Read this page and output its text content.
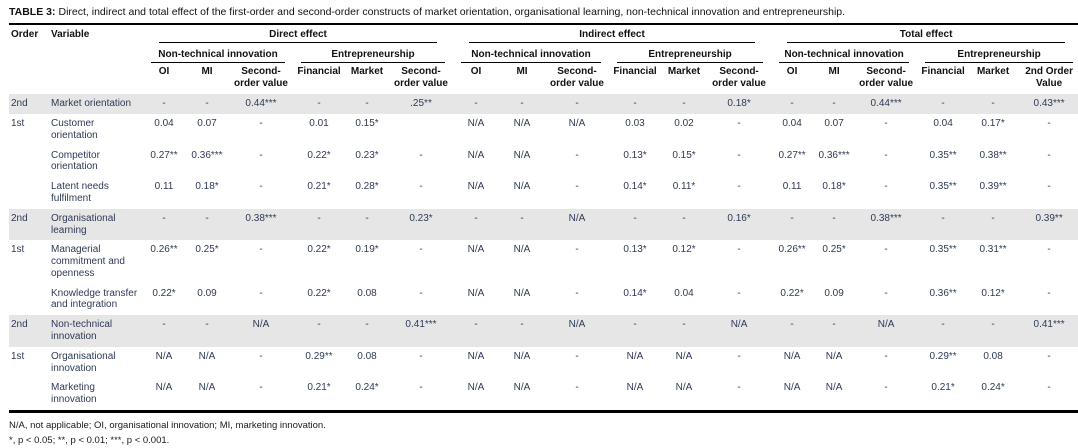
TABLE 3: Direct, indirect and total effect of the first-order and second-order constructs of market orientation, organisational learning, non-technical innovation and entrepreneurship.
Order	Variable	Direct effect						Indirect effect						Total effect					

		Non-technical innovation			Entrepreneurship			Non-technical innovation			Entrepreneurship			Non-technical innovation			Entrepreneurship		

		OI	MI	Second-order value	Financial	Market	Second-order value	OI	MI	Second-order value	Financial	Market	Second-order value	OI	MI	Second-order value	Financial	Market	2nd Order Value
2nd	Market orientation	-	-	0.44***	-	-	.25**	-	-	-	-	-	0.18*	-	-	0.44***	-	-	0.43***
1st	Customer orientation	0.04	0.07	-	0.01	0.15*		N/A	N/A	N/A	0.03	0.02	-	0.04	0.07	-	0.04	0.17*	-
	Competitor orientation	0.27**	0.36***	-	0.22*	0.23*	-	N/A	N/A	-	0.13*	0.15*	-	0.27**	0.36***	-	0.35**	0.38**	-
	Latent needs fulfilment	0.11	0.18*	-	0.21*	0.28*	-	N/A	N/A	-	0.14*	0.11*	-	0.11	0.18*	-	0.35**	0.39**	-
2nd	Organisational learning	-	-	0.38***	-	-	0.23*	-	-	N/A	-	-	0.16*	-	-	0.38***	-	-	0.39**
1st	Managerial commitment and openness	0.26**	0.25*	-	0.22*	0.19*	-	N/A	N/A	-	0.13*	0.12*	-	0.26**	0.25*	-	0.35**	0.31**	-
	Knowledge transfer and integration	0.22*	0.09	-	0.22*	0.08	-	N/A	N/A	-	0.14*	0.04	-	0.22*	0.09	-	0.36**	0.12*	-
2nd	Non-technical innovation	-	-	N/A	-	-	0.41***	-	-	N/A	-	-	N/A	-	-	N/A	-	-	0.41***
1st	Organisational innovation	N/A	N/A	-	0.29**	0.08	-	N/A	N/A	-	N/A	N/A	-	N/A	N/A	-	0.29**	0.08	-
	Marketing innovation	N/A	N/A	-	0.21*	0.24*	-	N/A	N/A	-	N/A	N/A	-	N/A	N/A	-	0.21*	0.24*	-
N/A, not applicable; OI, organisational innovation; MI, marketing innovation.
*, p < 0.05; **, p < 0.01; ***, p < 0.001.
